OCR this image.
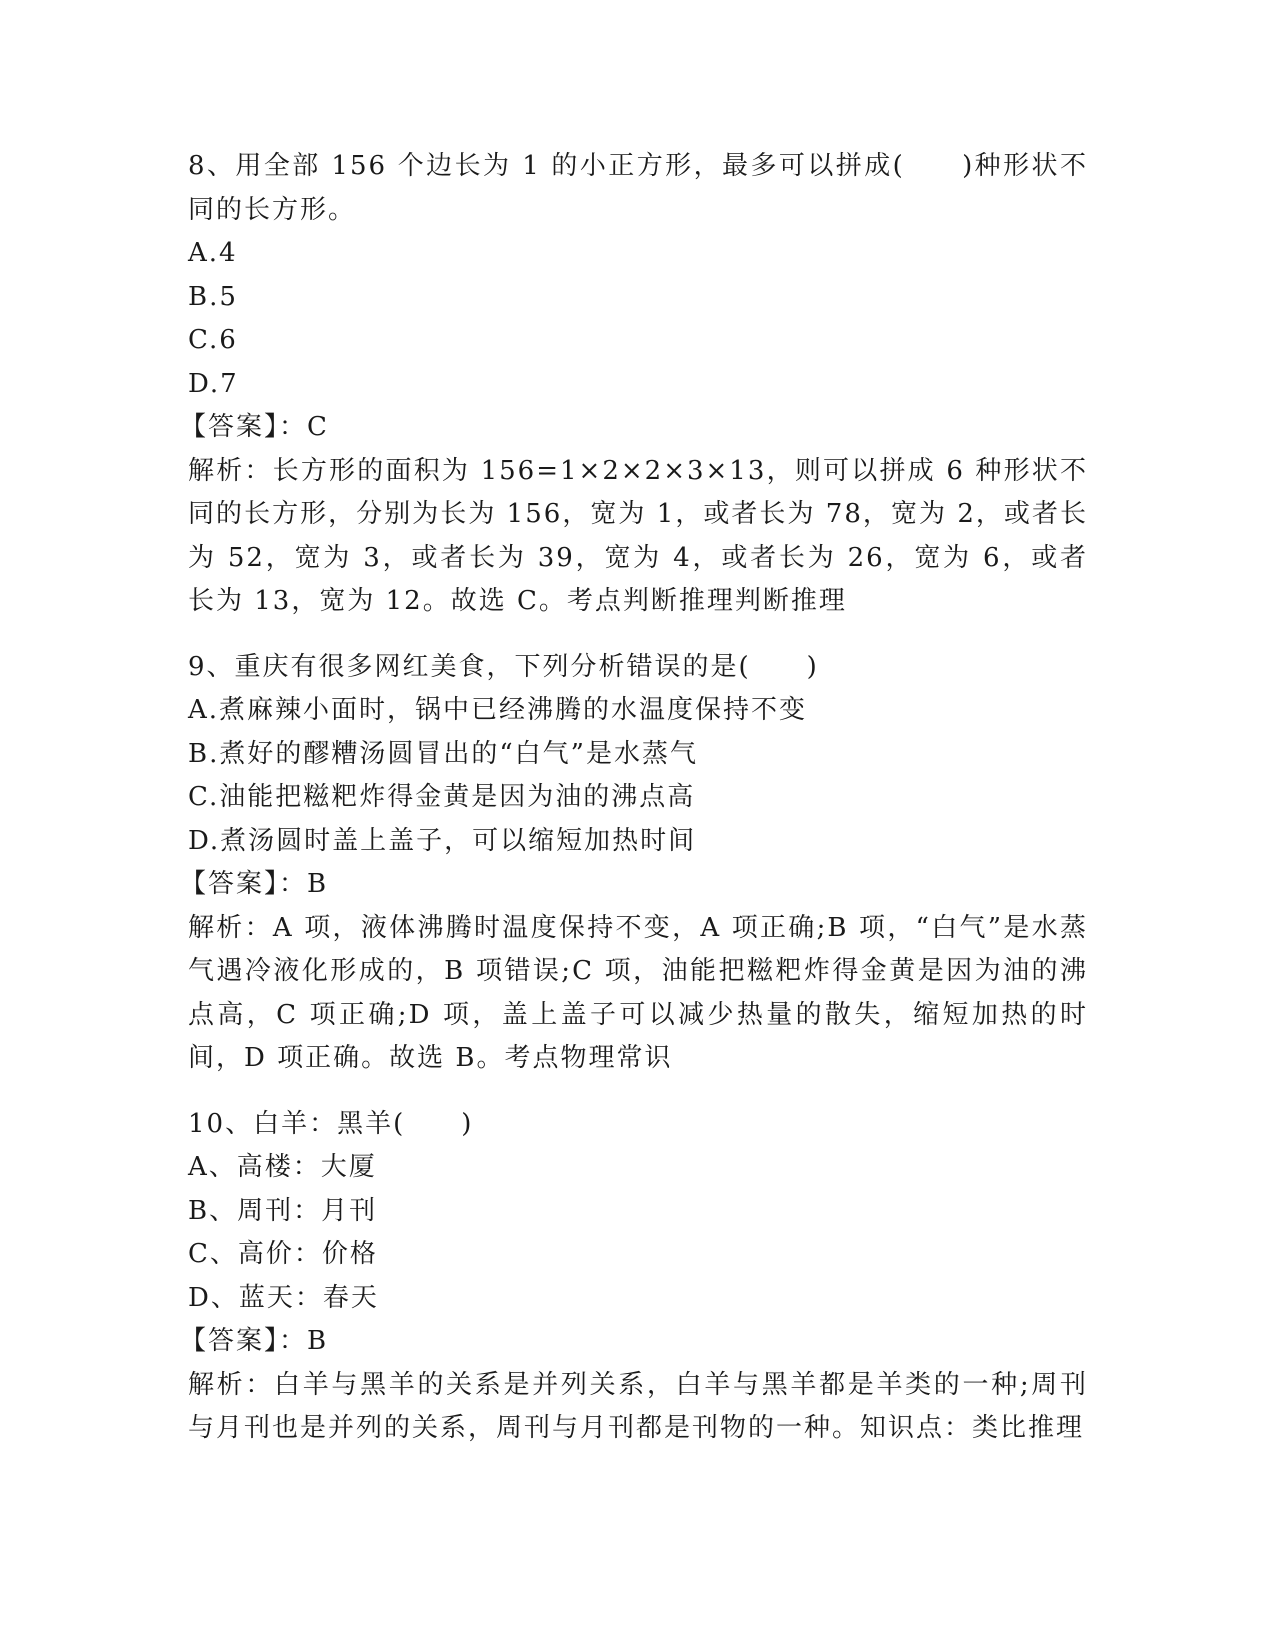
8、用全部 156 个边长为 1 的小正方形，最多可以拼成(　　)种形状不同的长方形。

A.4
B.5
C.6
D.7
【答案】：C

解析：长方形的面积为 156=1×2×2×3×13，则可以拼成 6 种形状不同的长方形，分别为长为 156，宽为 1，或者长为 78，宽为 2，或者长为 52，宽为 3，或者长为 39，宽为 4，或者长为 26，宽为 6，或者长为 13，宽为 12。故选 C。考点判断推理判断推理

9、重庆有很多网红美食，下列分析错误的是(　　)

A.煮麻辣小面时，锅中已经沸腾的水温度保持不变
B.煮好的醪糟汤圆冒出的“白气”是水蒸气
C.油能把糍粑炸得金黄是因为油的沸点高
D.煮汤圆时盖上盖子，可以缩短加热时间
【答案】：B

解析：A 项，液体沸腾时温度保持不变，A 项正确;B 项，“白气”是水蒸气遇冷液化形成的，B 项错误;C 项，油能把糍粑炸得金黄是因为油的沸点高，C 项正确;D 项，盖上盖子可以减少热量的散失，缩短加热的时间，D 项正确。故选 B。考点物理常识

10、白羊：黑羊(　　)

A、高楼：大厦
B、周刊：月刊
C、高价：价格
D、蓝天：春天
【答案】：B

解析：白羊与黑羊的关系是并列关系，白羊与黑羊都是羊类的一种;周刊与月刊也是并列的关系，周刊与月刊都是刊物的一种。知识点：类比推理
